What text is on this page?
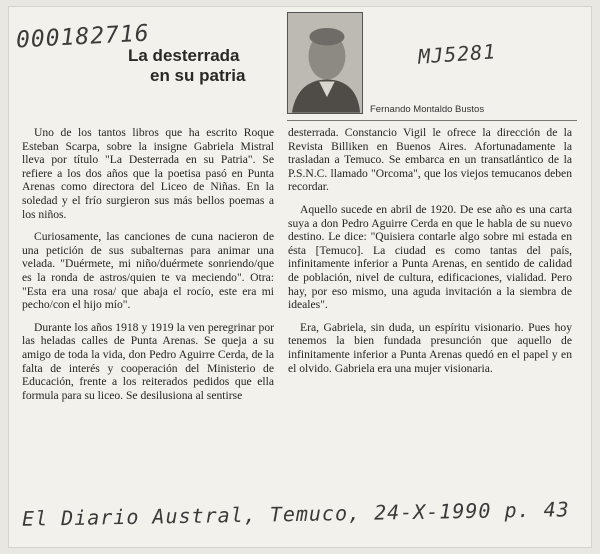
000182716
MJ5281
La desterrada
en su patria
Fernando Montaldo Bustos

Uno de los tantos libros que ha escrito Roque Esteban Scarpa, sobre la insigne Gabriela Mistral lleva por título "La Desterrada en su Patria". Se refiere a los dos años que la poetisa pasó en Punta Arenas como directora del Liceo de Niñas. En la soledad y el frío surgieron sus más bellos poemas a los niños.

Curiosamente, las canciones de cuna nacieron de una petición de sus subalternas para animar una velada. "Duérmete, mi niño/duérmete sonriendo/que es la ronda de astros/quien te va meciendo". Otra: "Esta era una rosa/ que abaja el rocío, este era mi pecho/con el hijo mío".

Durante los años 1918 y 1919 la ven peregrinar por las heladas calles de Punta Arenas. Se queja a su amigo de toda la vida, don Pedro Aguirre Cerda, de la falta de interés y cooperación del Ministerio de Educación, frente a los reiterados pedidos que ella formula para su liceo. Se desilusiona al sentirse

desterrada. Constancio Vigil le ofrece la dirección de la Revista Billiken en Buenos Aires. Afortunadamente la trasladan a Temuco. Se embarca en un transatlántico de la P.S.N.C. llamado "Orcoma", que los viejos temucanos deben recordar.

Aquello sucede en abril de 1920. De ese año es una carta suya a don Pedro Aguirre Cerda en que le habla de su nuevo destino. Le dice: "Quisiera contarle algo sobre mi estada en ésta [Temuco]. La ciudad es como tantas del país, infinitamente inferior a Punta Arenas, en sentido de calidad de población, nivel de cultura, edificaciones, vialidad. Pero hay, por eso mismo, una aguda invitación a la siembra de ideales".

Era, Gabriela, sin duda, un espíritu visionario. Pues hoy tenemos la bien fundada presunción que aquello de infinitamente inferior a Punta Arenas quedó en el papel y en el olvido. Gabriela era una mujer visionaria.

El Diario Austral, Temuco, 24-X-1990 p. 43
